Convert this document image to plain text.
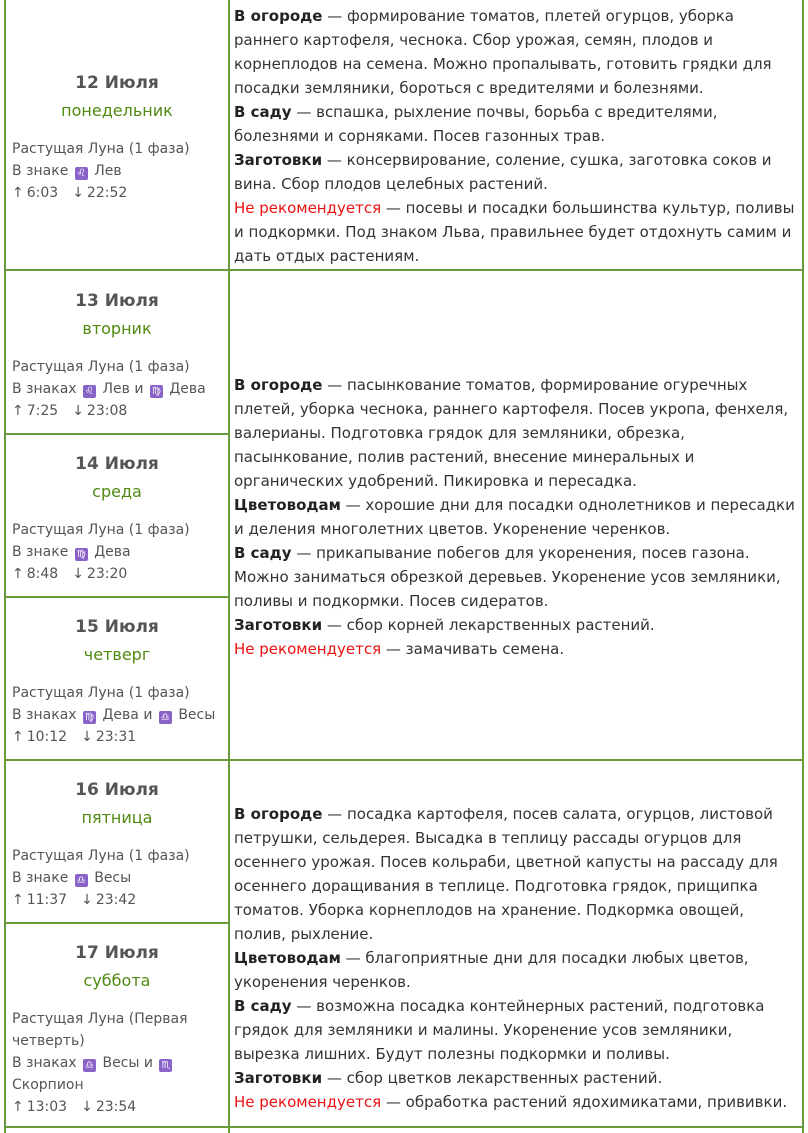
12 Июля
понедельник
Растущая Луна (1 фаза)
В знаке ♌ Лев
↑ 6:03 ↓ 22:52
13 Июля
вторник
Растущая Луна (1 фаза)
В знаках ♌ Лев и ♍ Дева
↑ 7:25 ↓ 23:08
14 Июля
среда
Растущая Луна (1 фаза)
В знаке ♍ Дева
↑ 8:48 ↓ 23:20
15 Июля
четверг
Растущая Луна (1 фаза)
В знаках ♍ Дева и ♎ Весы
↑ 10:12 ↓ 23:31
16 Июля
пятница
Растущая Луна (1 фаза)
В знаке ♎ Весы
↑ 11:37 ↓ 23:42
17 Июля
суббота
Растущая Луна (Первая четверть)
В знаках ♎ Весы и ♏ Скорпион
↑ 13:03 ↓ 23:54

В огороде — формирование томатов, плетей огурцов, уборка раннего картофеля, чеснока. Сбор урожая, семян, плодов и корнеплодов на семена. Можно пропалывать, готовить грядки для посадки земляники, бороться с вредителями и болезнями.

В саду — вспашка, рыхление почвы, борьба с вредителями, болезнями и сорняками. Посев газонных трав.

Заготовки — консервирование, соление, сушка, заготовка соков и вина. Сбор плодов целебных растений.

Не рекомендуется — посевы и посадки большинства культур, поливы и подкормки. Под знаком Льва, правильнее будет отдохнуть самим и дать отдых растениям.

В огороде — пасынкование томатов, формирование огуречных плетей, уборка чеснока, раннего картофеля. Посев укропа, фенхеля, валерианы. Подготовка грядок для земляники, обрезка, пасынкование, полив растений, внесение минеральных и органических удобрений. Пикировка и пересадка.

Цветоводам — хорошие дни для посадки однолетников и пересадки и деления многолетних цветов. Укоренение черенков.

В саду — прикапывание побегов для укоренения, посев газона. Можно заниматься обрезкой деревьев. Укоренение усов земляники, поливы и подкормки. Посев сидератов.

Заготовки — сбор корней лекарственных растений.

Не рекомендуется — замачивать семена.

В огороде — посадка картофеля, посев салата, огурцов, листовой петрушки, сельдерея. Высадка в теплицу рассады огурцов для осеннего урожая. Посев кольраби, цветной капусты на рассаду для осеннего доращивания в теплице. Подготовка грядок, прищипка томатов. Уборка корнеплодов на хранение. Подкормка овощей, полив, рыхление.

Цветоводам — благоприятные дни для посадки любых цветов, укоренения черенков.

В саду — возможна посадка контейнерных растений, подготовка грядок для земляники и малины. Укоренение усов земляники, вырезка лишних. Будут полезны подкормки и поливы.

Заготовки — сбор цветков лекарственных растений.

Не рекомендуется — обработка растений ядохимикатами, прививки.
